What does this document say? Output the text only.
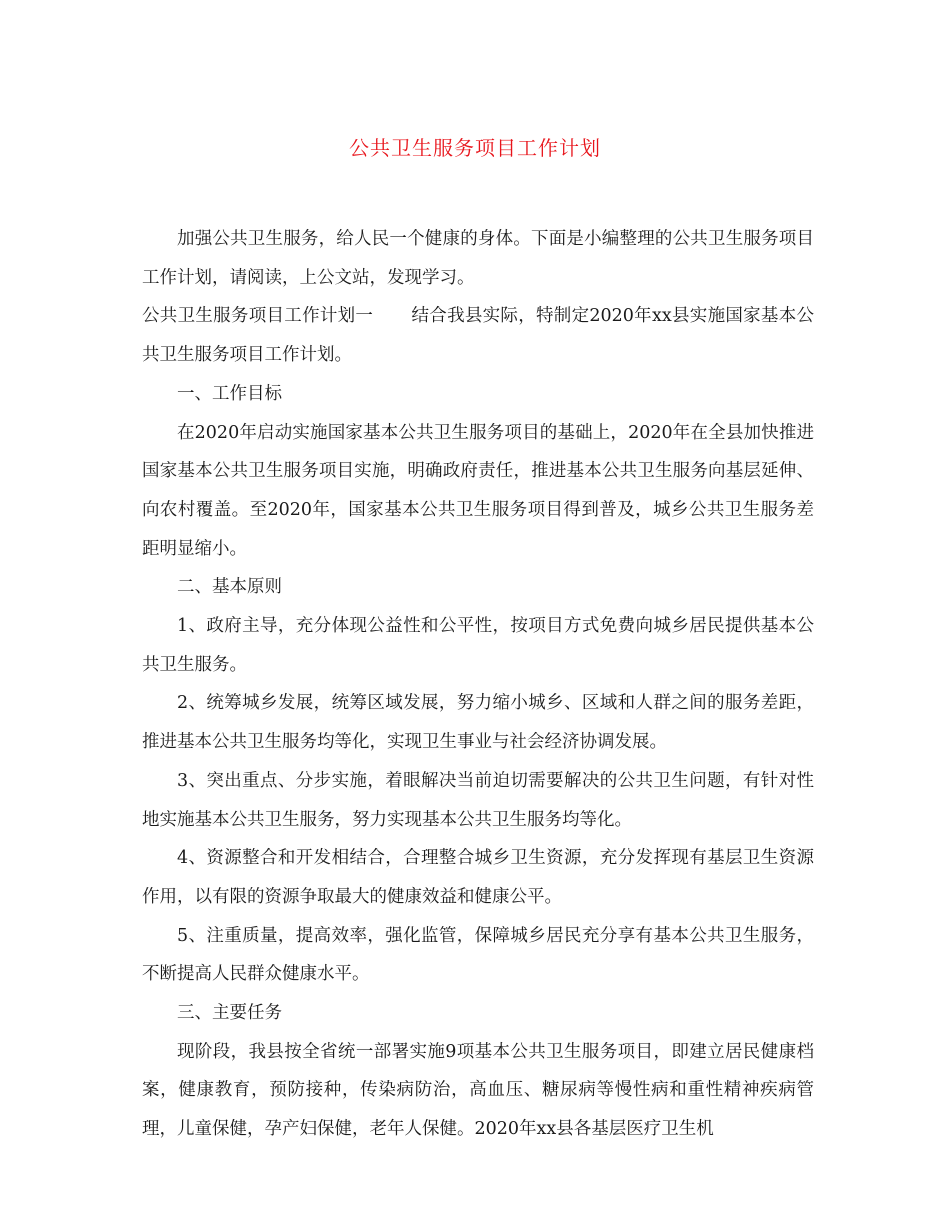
公共卫生服务项目工作计划

加强公共卫生服务，给人民一个健康的身体。下面是小编整理的公共卫生服务项目工作计划，请阅读，上公文站，发现学习。

公共卫生服务项目工作计划一 结合我县实际，特制定2020年xx县实施国家基本公共卫生服务项目工作计划。

一、工作目标

在2020年启动实施国家基本公共卫生服务项目的基础上，2020年在全县加快推进国家基本公共卫生服务项目实施，明确政府责任，推进基本公共卫生服务向基层延伸、向农村覆盖。至2020年，国家基本公共卫生服务项目得到普及，城乡公共卫生服务差距明显缩小。

二、基本原则

1、政府主导，充分体现公益性和公平性，按项目方式免费向城乡居民提供基本公共卫生服务。

2、统筹城乡发展，统筹区域发展，努力缩小城乡、区域和人群之间的服务差距，推进基本公共卫生服务均等化，实现卫生事业与社会经济协调发展。

3、突出重点、分步实施，着眼解决当前迫切需要解决的公共卫生问题，有针对性地实施基本公共卫生服务，努力实现基本公共卫生服务均等化。

4、资源整合和开发相结合，合理整合城乡卫生资源，充分发挥现有基层卫生资源作用，以有限的资源争取最大的健康效益和健康公平。

5、注重质量，提高效率，强化监管，保障城乡居民充分享有基本公共卫生服务，不断提高人民群众健康水平。

三、主要任务

现阶段，我县按全省统一部署实施9项基本公共卫生服务项目，即建立居民健康档案，健康教育，预防接种，传染病防治，高血压、糖尿病等慢性病和重性精神疾病管理，儿童保健，孕产妇保健，老年人保健。2020年xx县各基层医疗卫生机
